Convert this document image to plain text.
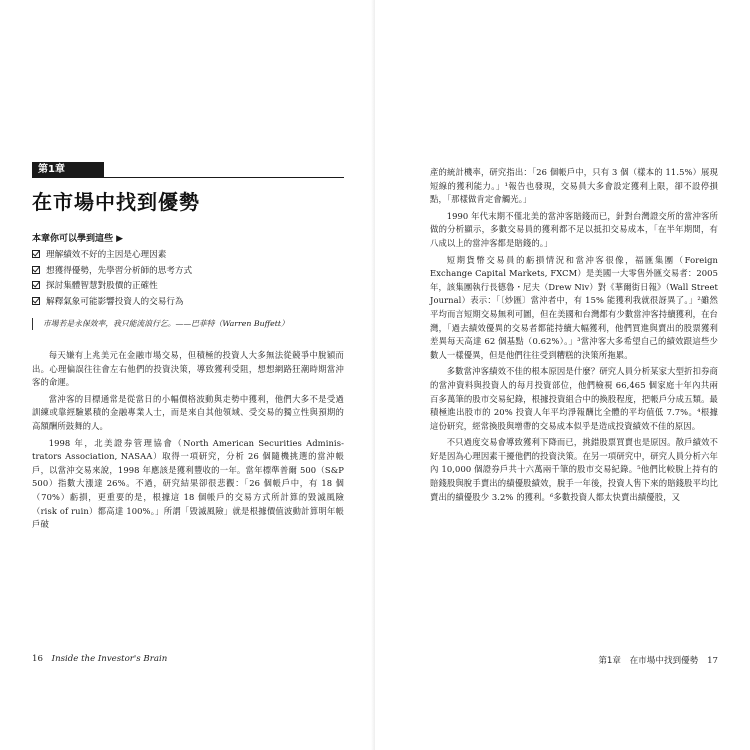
第1章
在市場中找到優勢
本章你可以學到這些 ▶
理解績效不好的主因是心理因素
想獲得優勢，先學習分析師的思考方式
探討集體智慧對股價的正確性
解釋氣象可能影響投資人的交易行為
市場若是永保效率，我只能流浪行乞。——巴菲特（Warren Buffett）

每天嫌有上兆美元在金融市場交易，但積極的投資人大多無法從競爭中脫穎而出。心理偏誤往往會左右他們的投資決策，導致獲利受阻，想想網路狂潮時期當沖客的命運。

當沖客的目標通常是從當日的小幅價格波動與走勢中獲利，他們大多不是受過訓練或靠經驗累積的金融專業人士，而是來自其他領域、受交易的獨立性與預期的高額酬所鼓舞的人。

1998 年，北美證券管理協會（North American Securities Adminis-trators Association, NASAA）取得一項研究，分析 26 個隨機挑選的當沖帳戶，以當沖交易來說，1998 年應該是獲利豐收的一年。當年標準普爾 500（S&P 500）指數大漲達 26%。不過，研究結果卻很悲觀：「26 個帳戶中，有 18 個（70%）虧損，更重要的是，根據這 18 個帳戶的交易方式所計算的毀滅風險（risk of ruin）都高達 100%。」所謂「毀滅風險」就是根據價值波動計算明年帳戶破

16 Inside the Investor's Brain

產的統計機率，研究指出：「26 個帳戶中，只有 3 個（樣本的 11.5%）展現短線的獲利能力。」¹報告也發現，交易員大多會設定獲利上限，卻不設停損點，「那樣做肯定會觸光。」

1990 年代末期不僅北美的當沖客賠錢而已，針對台灣證交所的當沖客所做的分析顯示，多數交易員的獲利都不足以抵扣交易成本，「在半年期間，有八成以上的當沖客都是賠錢的。」

短期貨幣交易員的虧損情況和當沖客很像，福匯集團（Foreign Exchange Capital Markets, FXCM）是美國一大零售外匯交易者：2005 年，該集團執行長德魯・尼夫（Drew Niv）對《華爾街日報》（Wall Street Journal）表示：「〔炒匯〕當沖者中，有 15% 能獲利我就很訝異了。」²雖然平均而言短期交易無利可圖，但在美國和台灣都有少數當沖客持續獲利，在台灣，「過去績效優異的交易者都能持續大幅獲利，他們買進與賣出的股票獲利差異每天高達 62 個基點（0.62%）。」³當沖客大多希望自己的績效跟這些少數人一樣優異，但是他們往往受到糟糕的決策所拖累。

多數當沖客績效不佳的根本原因是什麼？研究人員分析某家大型折扣券商的當沖資料與投資人的每月投資部位，他們檢視 66,465 個家庭十年內共兩百多萬筆的股市交易紀錄，根據投資組合中的換股程度，把帳戶分成五類。最積極進出股市的 20% 投資人年平均淨報酬比全體的平均值低 7.7%。⁴根據這份研究，經常換股與增帶的交易成本似乎是造成投資績效不佳的原因。

不只過度交易會導致獲利下降而已，挑錯股票買賣也是原因。散戶績效不好是因為心理因素干擾他們的投資決策。在另一項研究中，研究人員分析六年內 10,000 個證券戶共十六萬兩千筆的股市交易紀錄。⁵他們比較脫上持有的賠錢股與脫手賣出的績優股績效，脫手一年後，投資人售下來的賠錢股平均比賣出的績優股少 3.2% 的獲利。⁶多數投資人都太快賣出績優股，又

第1章　在市場中找到優勢 17
